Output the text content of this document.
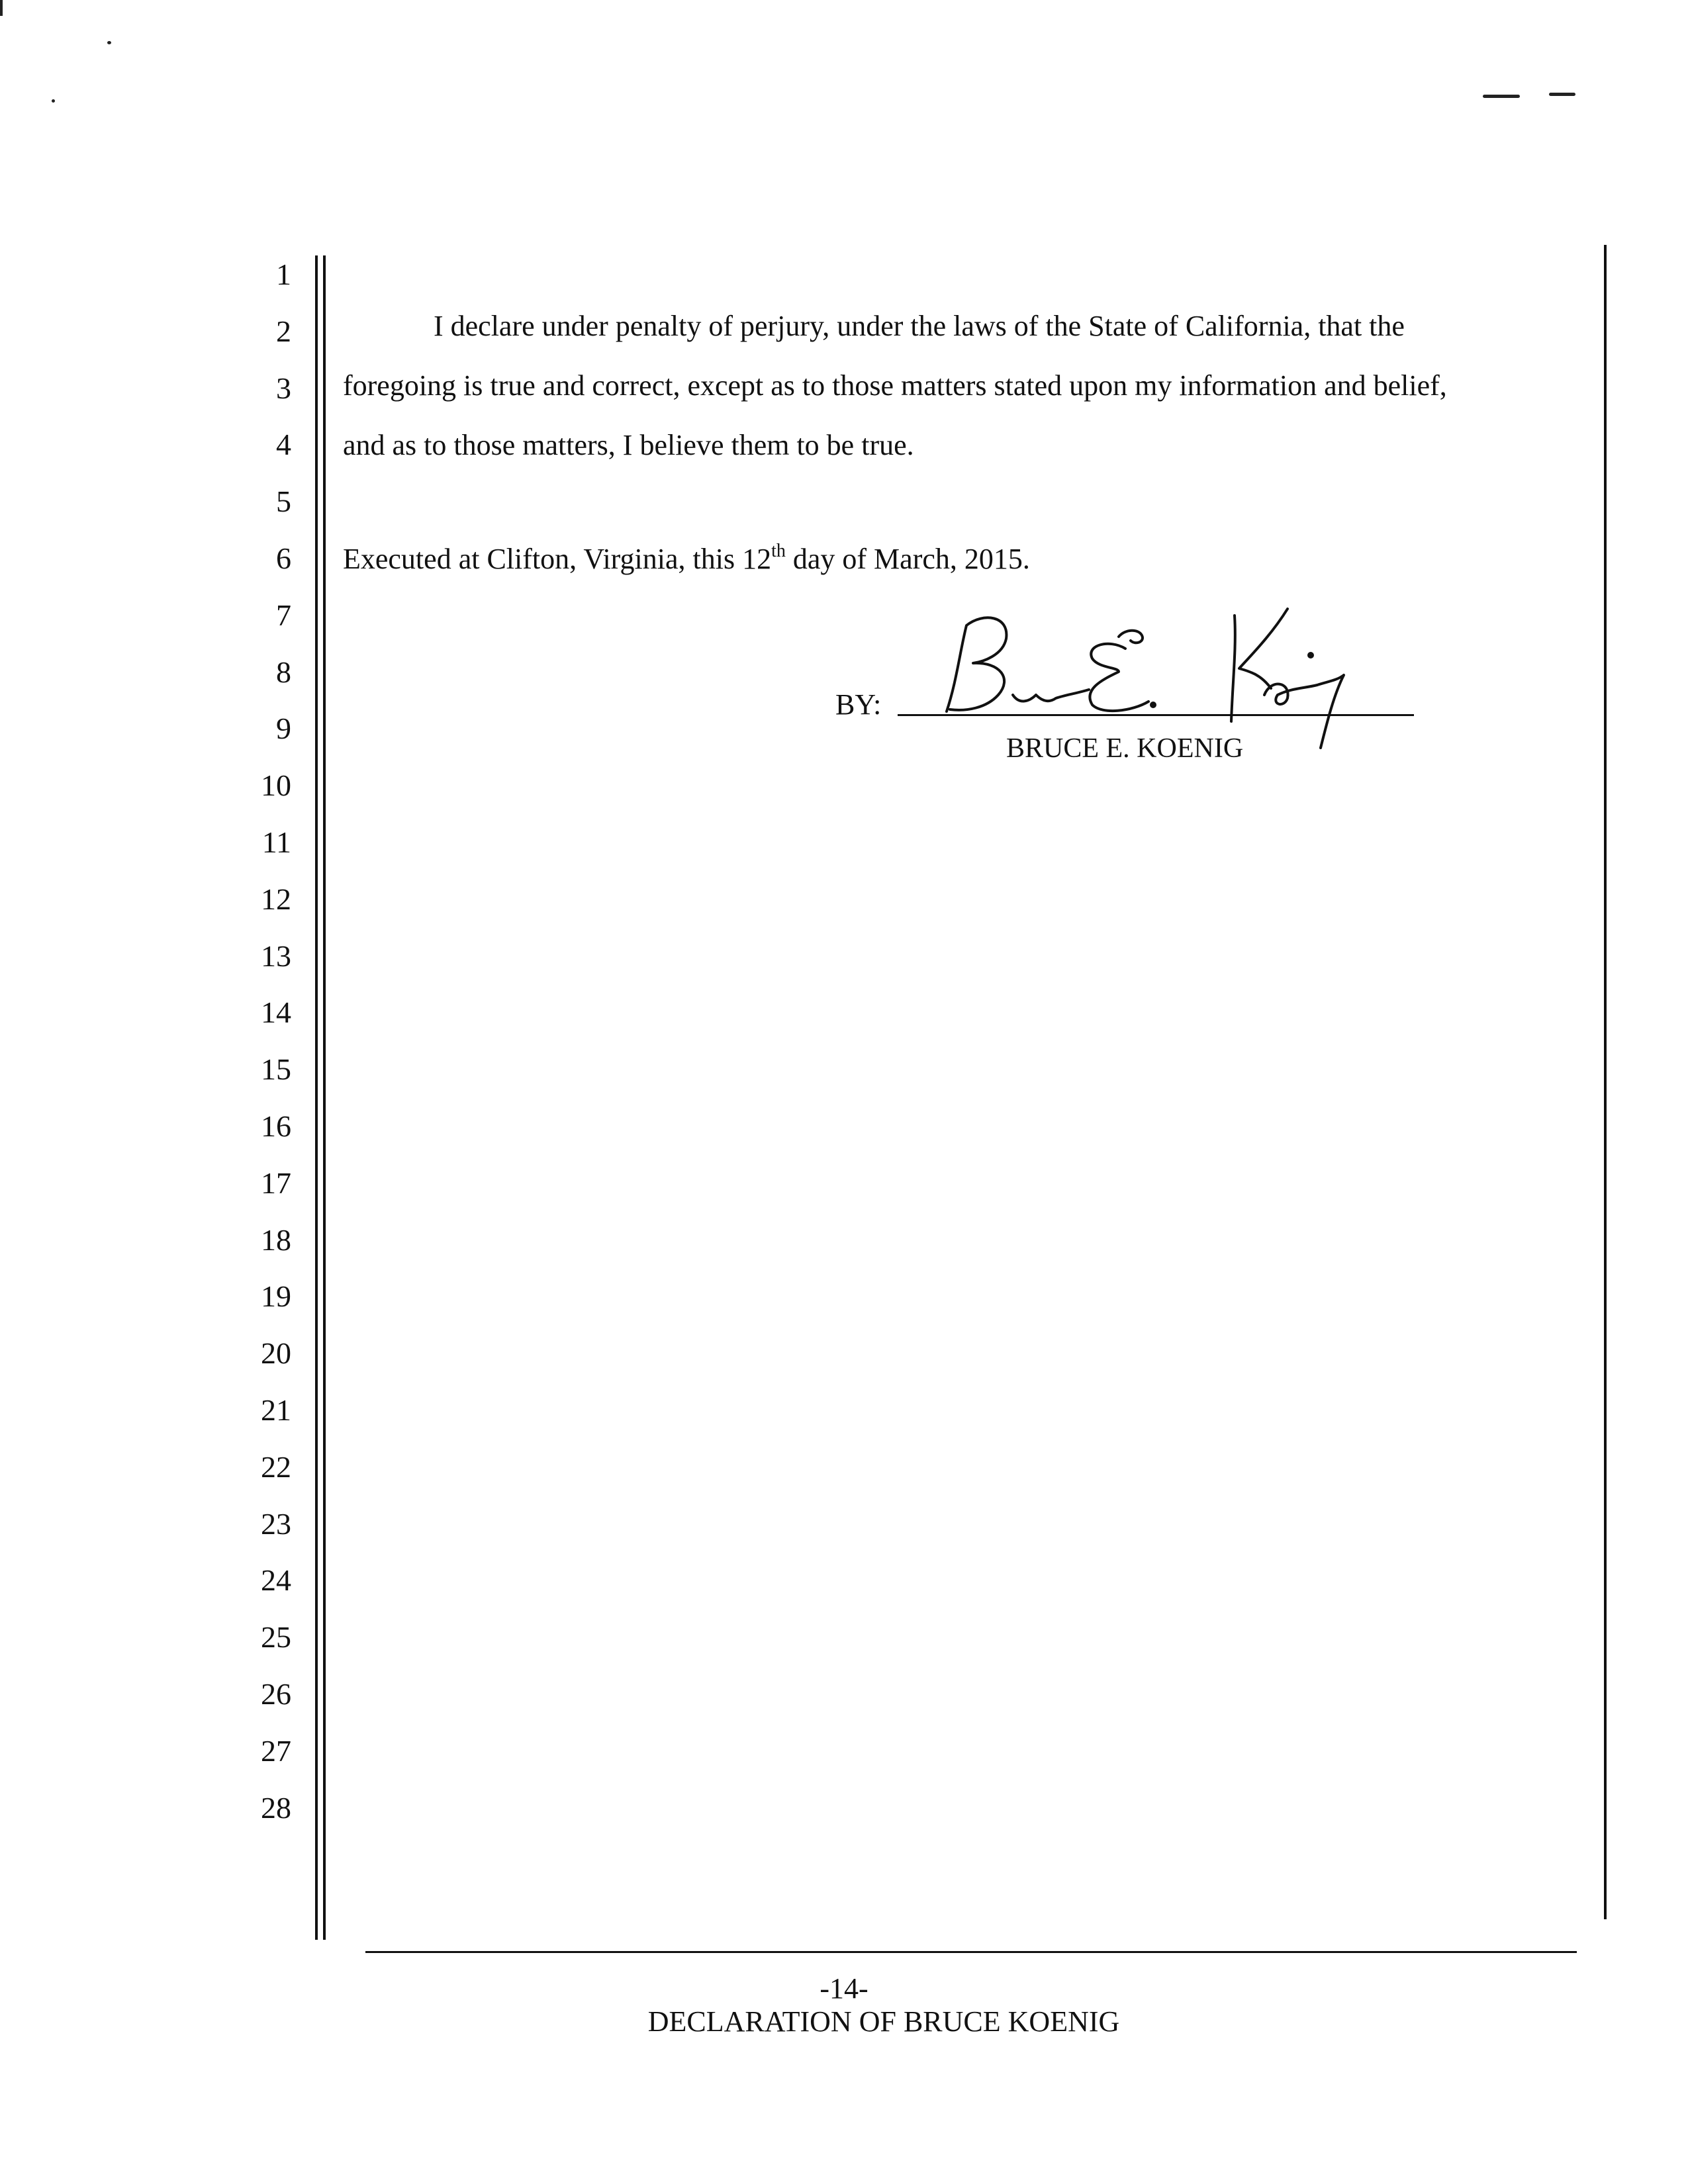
1
2
3
4
5
6
7
8
9
10
11
12
13
14
15
16
17
18
19
20
21
22
23
24
25
26
27
28
I declare under penalty of perjury, under the laws of the State of California, that the
foregoing is true and correct, except as to those matters stated upon my information and belief,
and as to those matters, I believe them to be true.
Executed at Clifton, Virginia, this 12th day of March, 2015.
BY:
BRUCE E. KOENIG
-14-
DECLARATION OF BRUCE KOENIG
